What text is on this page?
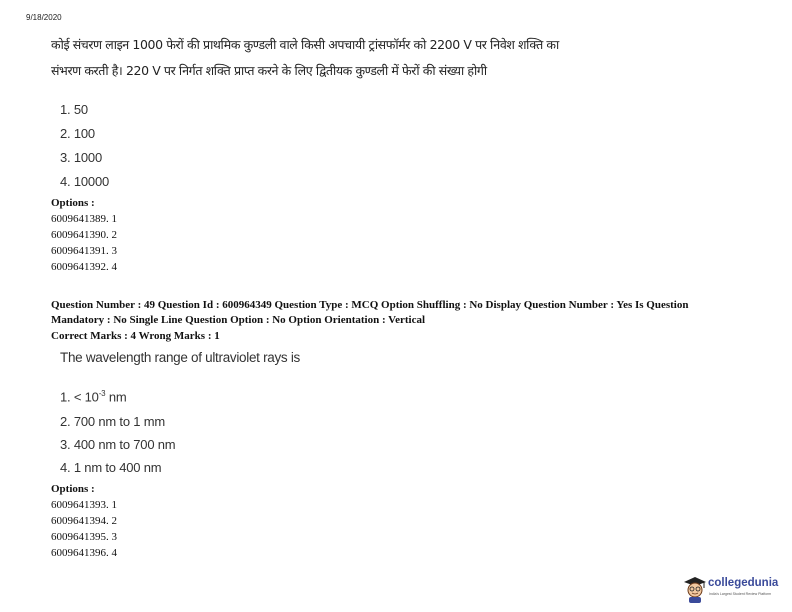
9/18/2020
कोई संचरण लाइन 1000 फेरों की प्राथमिक कुण्डली वाले किसी अपचायी ट्रांसफॉर्मर को 2200 V पर निवेश शक्ति का
संभरण करती है। 220 V पर निर्गत शक्ति प्राप्त करने के लिए द्वितीयक कुण्डली में फेरों की संख्या होगी
1. 50
2. 100
3. 1000
4. 10000
Options :
6009641389. 1
6009641390. 2
6009641391. 3
6009641392. 4
Question Number : 49 Question Id : 600964349 Question Type : MCQ Option Shuffling : No Display Question Number : Yes Is Question
Mandatory : No Single Line Question Option : No Option Orientation : Vertical
Correct Marks : 4 Wrong Marks : 1
The wavelength range of ultraviolet rays is
1. < $10^{-3}$ nm
2. 700 nm to 1 mm
3. 400 nm to 700 nm
4. 1 nm to 400 nm
Options :
6009641393. 1
6009641394. 2
6009641395. 3
6009641396. 4
collegedunia
India's Largest Student Review Platform
